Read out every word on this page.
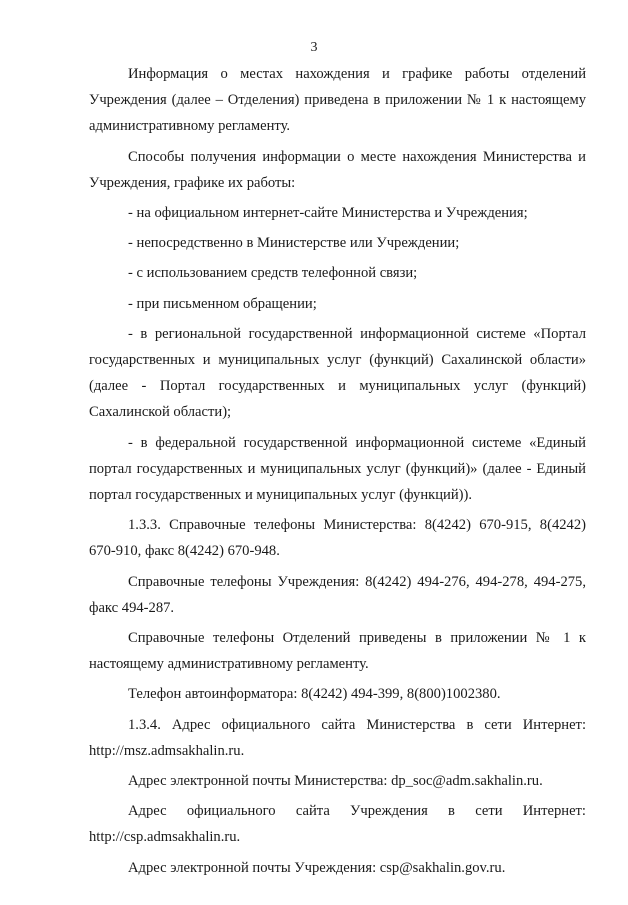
3
Информация о местах нахождения и графике работы отделений
Учреждения (далее – Отделения) приведена в приложении № 1 к настоящему
административному регламенту.
Способы получения информации о месте нахождения Министерства и
Учреждения, графике их работы:
- на официальном интернет-сайте Министерства и Учреждения;
- непосредственно в Министерстве или Учреждении;
- с использованием средств телефонной связи;
- при письменном обращении;
- в региональной государственной информационной системе «Портал
государственных и муниципальных услуг (функций) Сахалинской области»
(далее - Портал государственных и муниципальных услуг (функций)
Сахалинской области);
- в федеральной государственной информационной системе «Единый
портал государственных и муниципальных услуг (функций)» (далее - Единый
портал государственных и муниципальных услуг (функций)).
1.3.3. Справочные телефоны Министерства: 8(4242) 670-915, 8(4242)
670-910, факс 8(4242) 670-948.
Справочные телефоны Учреждения: 8(4242) 494-276, 494-278, 494-275,
факс 494-287.
Справочные телефоны Отделений приведены в приложении № 1 к
настоящему административному регламенту.
Телефон автоинформатора: 8(4242) 494-399, 8(800)1002380.
1.3.4. Адрес официального сайта Министерства в сети Интернет:
http://msz.admsakhalin.ru.
Адрес электронной почты Министерства: dp_soc@adm.sakhalin.ru.
Адрес официального сайта Учреждения в сети Интернет:
http://csp.admsakhalin.ru.
Адрес электронной почты Учреждения: csp@sakhalin.gov.ru.
